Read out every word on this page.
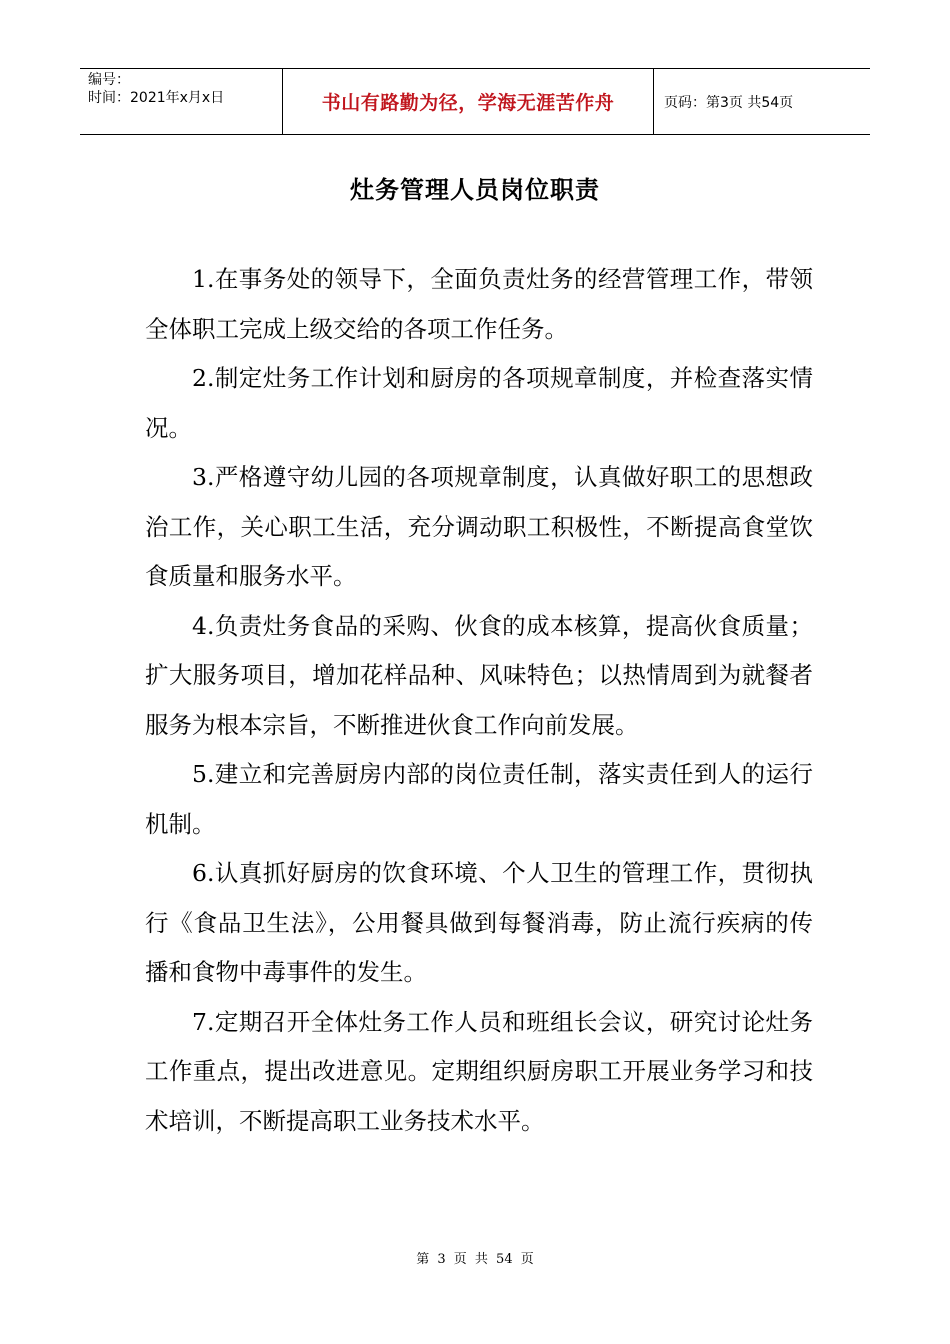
编号：
时间：2021年x月x日	书山有路勤为径，学海无涯苦作舟	页码：第3页 共54页
灶务管理人员岗位职责

1.在事务处的领导下，全面负责灶务的经营管理工作，带领全体职工完成上级交给的各项工作任务。

2.制定灶务工作计划和厨房的各项规章制度，并检查落实情况。

3.严格遵守幼儿园的各项规章制度，认真做好职工的思想政治工作，关心职工生活，充分调动职工积极性，不断提高食堂饮食质量和服务水平。

4.负责灶务食品的采购、伙食的成本核算，提高伙食质量；扩大服务项目，增加花样品种、风味特色；以热情周到为就餐者服务为根本宗旨，不断推进伙食工作向前发展。

5.建立和完善厨房内部的岗位责任制，落实责任到人的运行机制。

6.认真抓好厨房的饮食环境、个人卫生的管理工作，贯彻执行《食品卫生法》，公用餐具做到每餐消毒，防止流行疾病的传播和食物中毒事件的发生。

7.定期召开全体灶务工作人员和班组长会议，研究讨论灶务工作重点，提出改进意见。定期组织厨房职工开展业务学习和技术培训，不断提高职工业务技术水平。

第 3 页 共 54 页
